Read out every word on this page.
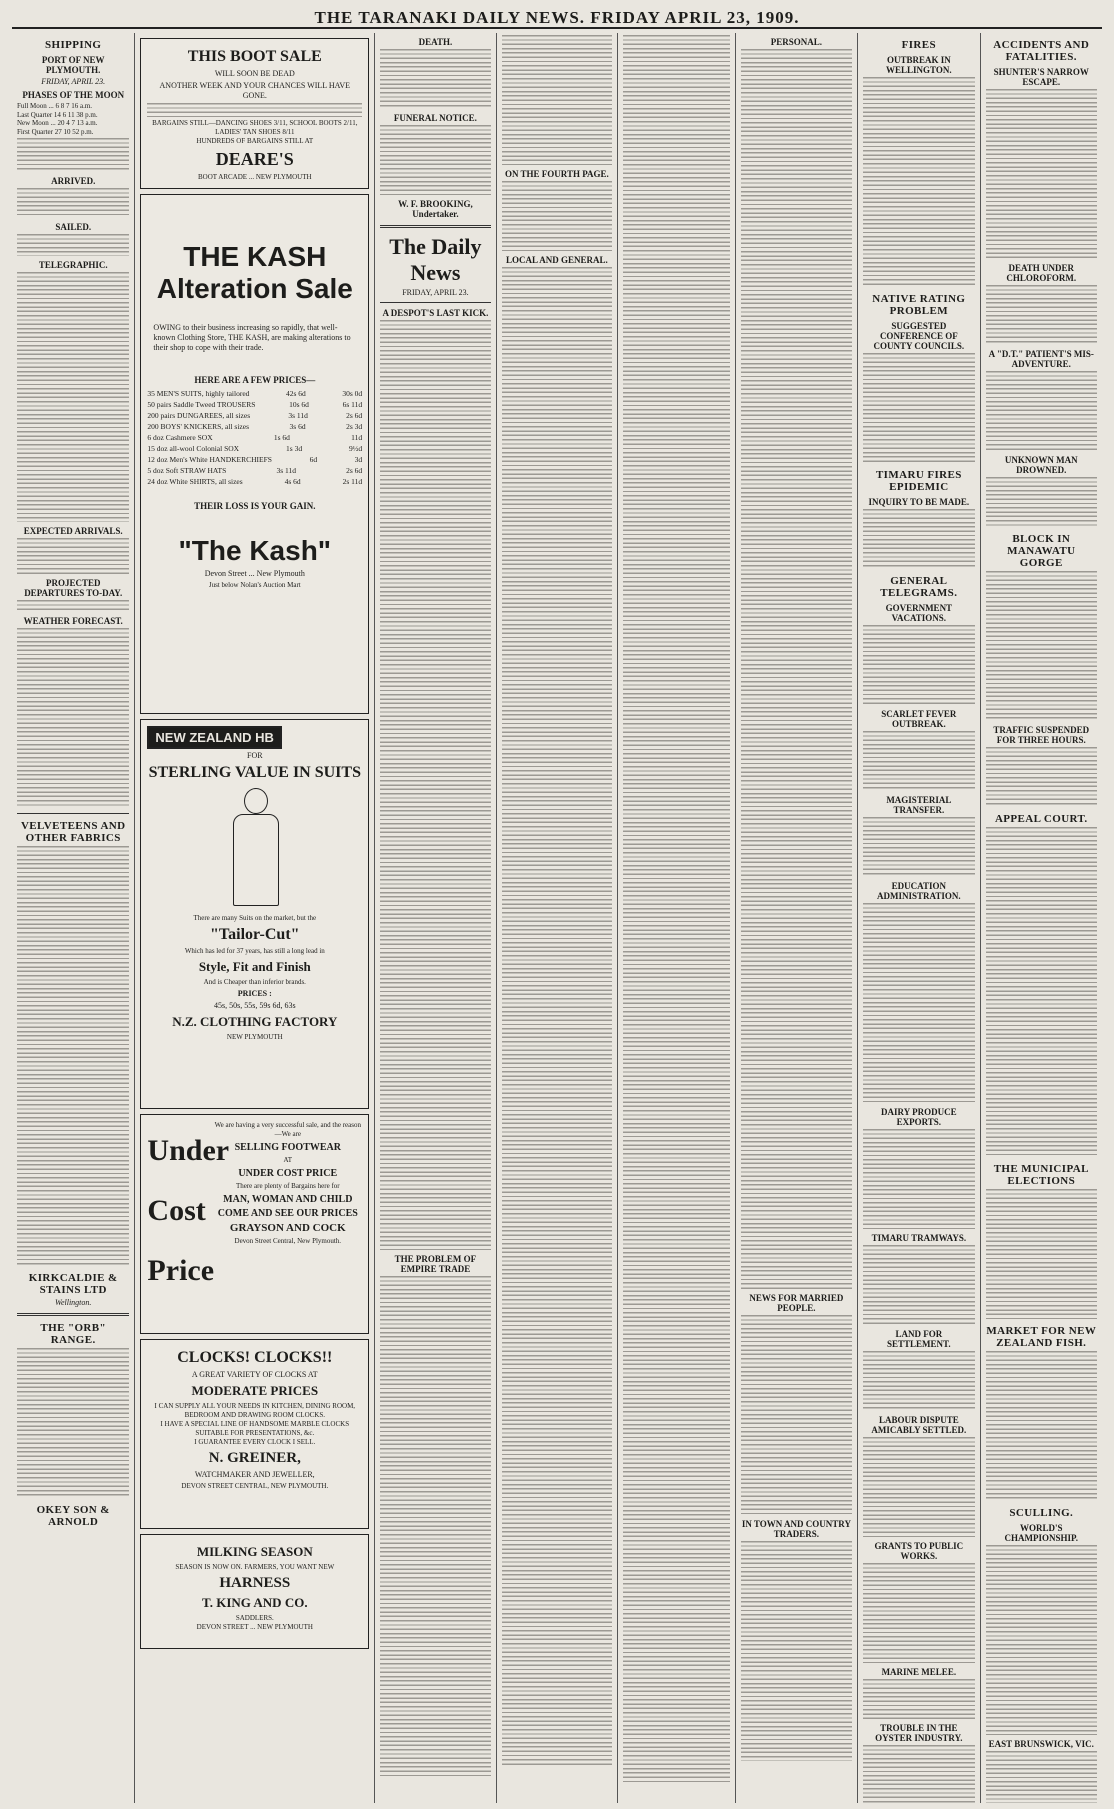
THE TARANAKI DAILY NEWS. FRIDAY APRIL 23, 1909.
SHIPPING
PORT OF NEW PLYMOUTH.
FRIDAY, APRIL 23.
PHASES OF THE MOON

Full Moon ... 6 8 7 16 a.m.

Last Quarter 14 6 11 38 p.m.

New Moon ... 20 4 7 13 a.m.

First Quarter 27 10 52 p.m.

ARRIVED.
SAILED.
TELEGRAPHIC.
EXPECTED ARRIVALS.
PROJECTED DEPARTURES TO-DAY.
WEATHER FORECAST.
VELVETEENS AND OTHER FABRICS
KIRKCALDIE & STAINS LTD
Wellington.
THE "ORB" RANGE.
OKEY SON & ARNOLD
THIS BOOT SALE
WILL SOON BE DEAD
ANOTHER WEEK AND YOUR CHANCES WILL HAVE GONE.
BARGAINS STILL—DANCING SHOES 3/11, SCHOOL BOOTS 2/11, LADIES' TAN SHOES 8/11
HUNDREDS OF BARGAINS STILL AT
DEARE'S
BOOT ARCADE ... NEW PLYMOUTH
THE KASH
Alteration Sale
OWING to their business increasing so rapidly, that well-known Clothing Store, THE KASH, are making alterations to their shop to cope with their trade.
HERE ARE A FEW PRICES—
35 MEN'S SUITS, highly tailored	42s 6d	30s 0d
50 pairs Saddle Tweed TROUSERS	10s 6d	6s 11d
200 pairs DUNGAREES, all sizes	3s 11d	2s 6d
200 BOYS' KNICKERS, all sizes	3s 6d	2s 3d
6 doz Cashmere SOX	1s 6d	11d
15 doz all-wool Colonial SOX	1s 3d	9½d
12 doz Men's White HANDKERCHIEFS	6d	3d
5 doz Soft STRAW HATS	3s 11d	2s 6d
24 doz White SHIRTS, all sizes	4s 6d	2s 11d
THEIR LOSS IS YOUR GAIN.
"The Kash"
Devon Street ... New Plymouth
Just below Nolan's Auction Mart
NEW ZEALAND HB
FOR
STERLING VALUE IN SUITS
There are many Suits on the market, but the
"Tailor-Cut"
Which has led for 37 years, has still a long lead in
Style, Fit and Finish
And is Cheaper than inferior brands.
PRICES :
45s, 50s, 55s, 59s 6d, 63s
N.Z. CLOTHING FACTORY
NEW PLYMOUTH
Under Cost Price
We are having a very successful sale, and the reason—We are
SELLING FOOTWEAR
AT
UNDER COST PRICE
There are plenty of Bargains here for
MAN, WOMAN AND CHILD
COME AND SEE OUR PRICES
GRAYSON AND COCK
Devon Street Central, New Plymouth.
CLOCKS! CLOCKS!!
A GREAT VARIETY OF CLOCKS AT
MODERATE PRICES
I CAN SUPPLY ALL YOUR NEEDS IN KITCHEN, DINING ROOM, BEDROOM AND DRAWING ROOM CLOCKS.
I HAVE A SPECIAL LINE OF HANDSOME MARBLE CLOCKS SUITABLE FOR PRESENTATIONS, &c.
I GUARANTEE EVERY CLOCK I SELL.
N. GREINER,
WATCHMAKER AND JEWELLER,
DEVON STREET CENTRAL, NEW PLYMOUTH.
MILKING SEASON
SEASON IS NOW ON. FARMERS, YOU WANT NEW
HARNESS
T. KING AND CO.
SADDLERS.
DEVON STREET ... NEW PLYMOUTH
DEATH.
FUNERAL NOTICE.
W. F. BROOKING, Undertaker.
The Daily News
FRIDAY, APRIL 23.
A DESPOT'S LAST KICK.
THE PROBLEM OF EMPIRE TRADE
ON THE FOURTH PAGE.
LOCAL AND GENERAL.
PERSONAL.
NEWS FOR MARRIED PEOPLE.
IN TOWN AND COUNTRY TRADERS.
FIRES
OUTBREAK IN WELLINGTON.
NATIVE RATING PROBLEM
SUGGESTED CONFERENCE OF COUNTY COUNCILS.
TIMARU FIRES EPIDEMIC
INQUIRY TO BE MADE.
GENERAL TELEGRAMS.
GOVERNMENT VACATIONS.
SCARLET FEVER OUTBREAK.
MAGISTERIAL TRANSFER.
EDUCATION ADMINISTRATION.
DAIRY PRODUCE EXPORTS.
TIMARU TRAMWAYS.
LAND FOR SETTLEMENT.
LABOUR DISPUTE AMICABLY SETTLED.
GRANTS TO PUBLIC WORKS.
MARINE MELEE.
TROUBLE IN THE OYSTER INDUSTRY.
ACCIDENTS AND FATALITIES.
SHUNTER'S NARROW ESCAPE.
DEATH UNDER CHLOROFORM.
A "D.T." PATIENT'S MIS-ADVENTURE.
UNKNOWN MAN DROWNED.
BLOCK IN MANAWATU GORGE
TRAFFIC SUSPENDED FOR THREE HOURS.
APPEAL COURT.
THE MUNICIPAL ELECTIONS
MARKET FOR NEW ZEALAND FISH.
SCULLING.
WORLD'S CHAMPIONSHIP.
EAST BRUNSWICK, VIC.
